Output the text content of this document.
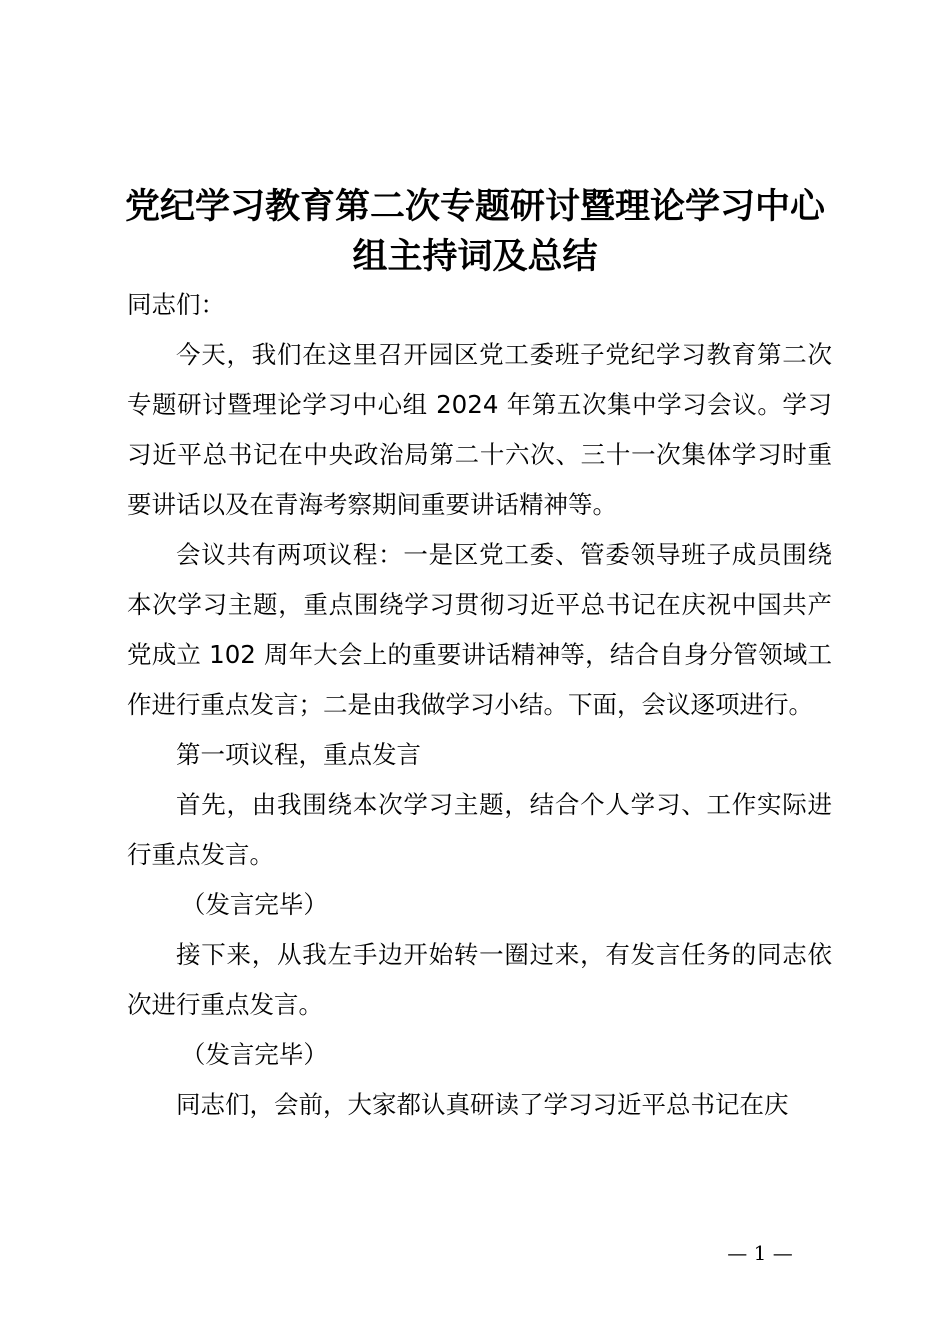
党纪学习教育第二次专题研讨暨理论学习中心组主持词及总结

同志们：

今天，我们在这里召开园区党工委班子党纪学习教育第二次专题研讨暨理论学习中心组 2024 年第五次集中学习会议。学习习近平总书记在中央政治局第二十六次、三十一次集体学习时重要讲话以及在青海考察期间重要讲话精神等。

会议共有两项议程：一是区党工委、管委领导班子成员围绕本次学习主题，重点围绕学习贯彻习近平总书记在庆祝中国共产党成立 102 周年大会上的重要讲话精神等，结合自身分管领域工作进行重点发言；二是由我做学习小结。下面，会议逐项进行。

第一项议程，重点发言

首先，由我围绕本次学习主题，结合个人学习、工作实际进行重点发言。

（发言完毕）

接下来，从我左手边开始转一圈过来，有发言任务的同志依次进行重点发言。

（发言完毕）

同志们，会前，大家都认真研读了学习习近平总书记在庆

— 1 —
